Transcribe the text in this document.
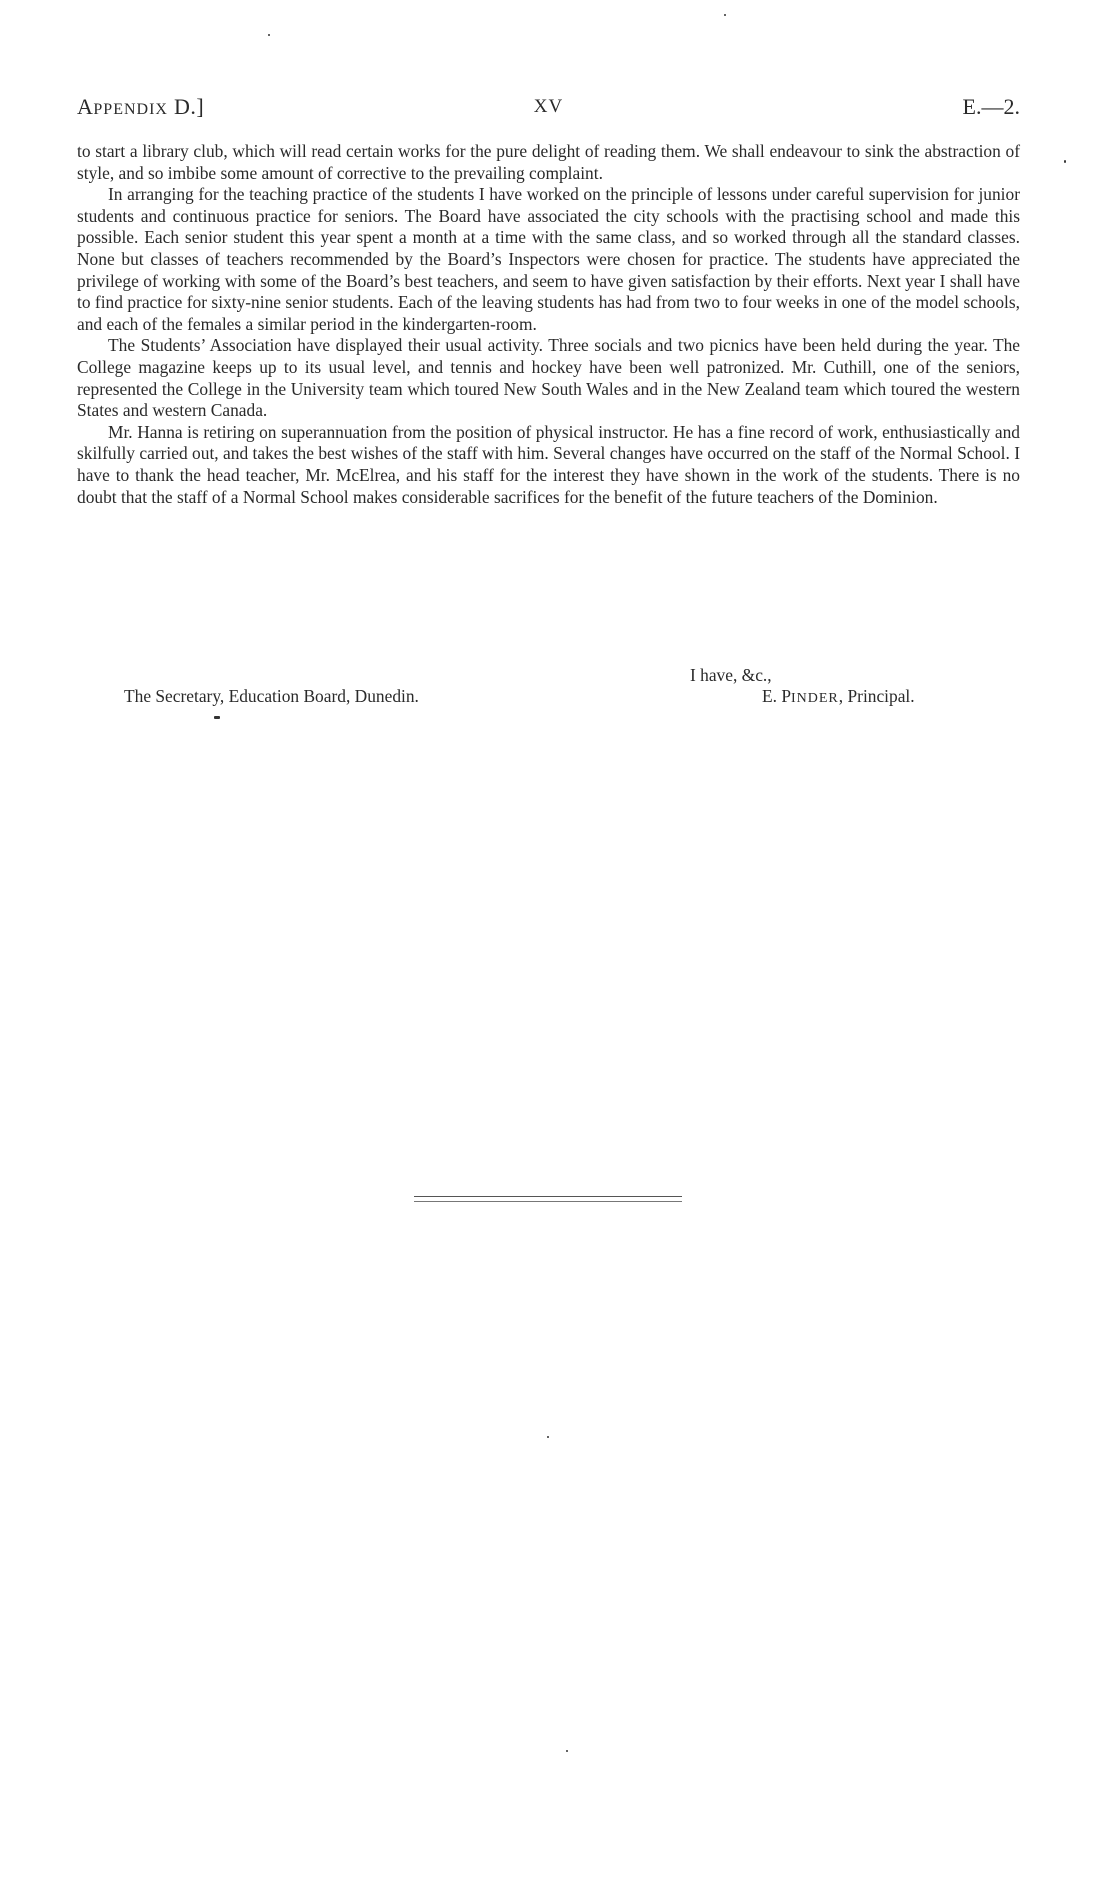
APPENDIX D.]	XV	E.—2.

to start a library club, which will read certain works for the pure delight of reading them. We shall endeavour to sink the abstraction of style, and so imbibe some amount of corrective to the prevailing complaint.

In arranging for the teaching practice of the students I have worked on the principle of lessons under careful supervision for junior students and continuous practice for seniors. The Board have associated the city schools with the practising school and made this possible. Each senior student this year spent a month at a time with the same class, and so worked through all the standard classes. None but classes of teachers recommended by the Board’s Inspectors were chosen for practice. The students have appreciated the privilege of working with some of the Board’s best teachers, and seem to have given satisfaction by their efforts. Next year I shall have to find practice for sixty-nine senior students. Each of the leaving students has had from two to four weeks in one of the model schools, and each of the females a similar period in the kindergarten-room.

The Students’ Association have displayed their usual activity. Three socials and two picnics have been held during the year. The College magazine keeps up to its usual level, and tennis and hockey have been well patronized. Mr. Cuthill, one of the seniors, represented the College in the University team which toured New South Wales and in the New Zealand team which toured the western States and western Canada.

Mr. Hanna is retiring on superannuation from the position of physical instructor. He has a fine record of work, enthusiastically and skilfully carried out, and takes the best wishes of the staff with him. Several changes have occurred on the staff of the Normal School. I have to thank the head teacher, Mr. McElrea, and his staff for the interest they have shown in the work of the students. There is no doubt that the staff of a Normal School makes considerable sacrifices for the benefit of the future teachers of the Dominion.

I have, &c.,
The Secretary, Education Board, Dunedin.	E. PINDER, Principal.
